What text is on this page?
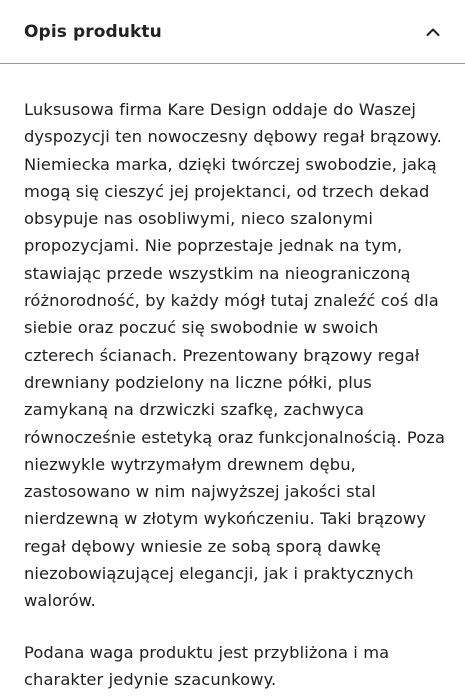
Opis produktu

Luksusowa firma Kare Design oddaje do Waszej dyspozycji ten nowoczesny dębowy regał brązowy. Niemiecka marka, dzięki twórczej swobodzie, jaką mogą się cieszyć jej projektanci, od trzech dekad obsypuje nas osobliwymi, nieco szalonymi propozycjami. Nie poprzestaje jednak na tym, stawiając przede wszystkim na nieograniczoną różnorodność, by każdy mógł tutaj znaleźć coś dla siebie oraz poczuć się swobodnie w swoich czterech ścianach. Prezentowany brązowy regał drewniany podzielony na liczne półki, plus zamykaną na drzwiczki szafkę, zachwyca równocześnie estetyką oraz funkcjonalnością. Poza niezwykle wytrzymałym drewnem dębu, zastosowano w nim najwyższej jakości stal nierdzewną w złotym wykończeniu. Taki brązowy regał dębowy wniesie ze sobą sporą dawkę niezobowiązującej elegancji, jak i praktycznych walorów.

Podana waga produktu jest przybliżona i ma charakter jedynie szacunkowy.
